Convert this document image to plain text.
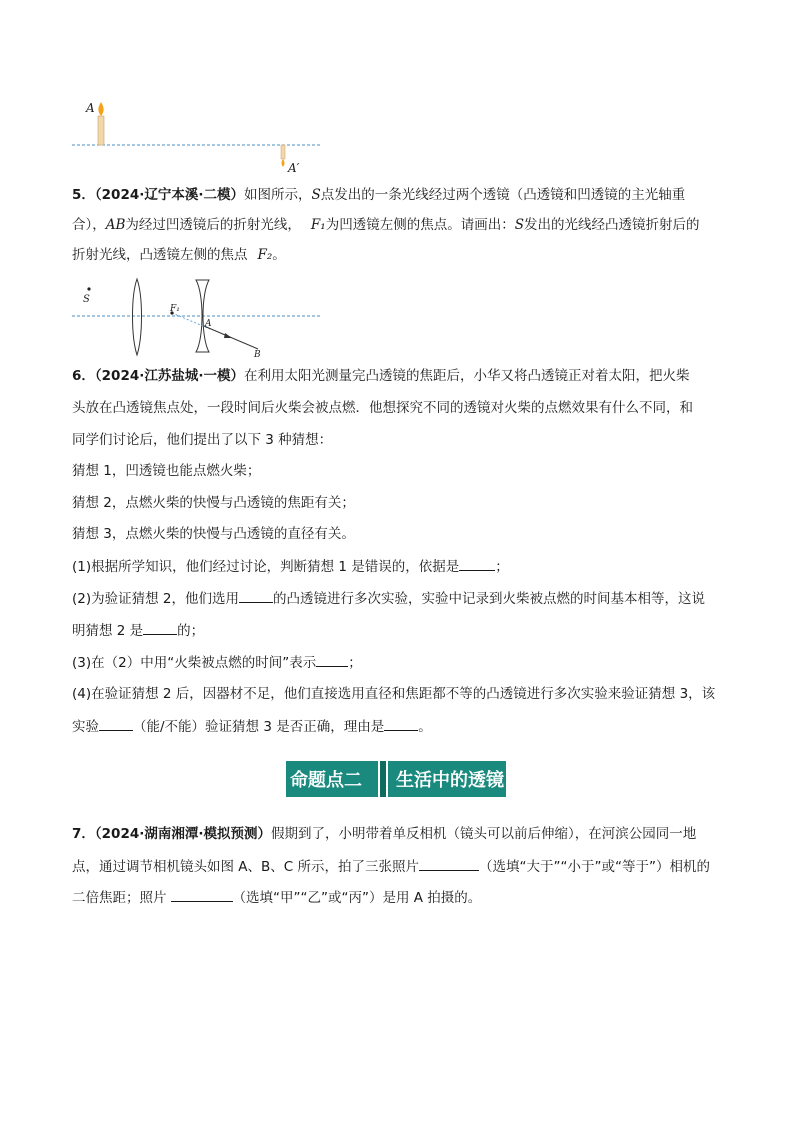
A
A′
5．（2024·辽宁本溪·二模）如图所示，S点发出的一条光线经过两个透镜（凸透镜和凹透镜的主光轴重
合），AB为经过凹透镜后的折射光线， F₁为凹透镜左侧的焦点。请画出：S发出的光线经凸透镜折射后的
折射光线，凸透镜左侧的焦点 F₂。
S
F₁
A
B
6．（2024·江苏盐城·一模）在利用太阳光测量完凸透镜的焦距后，小华又将凸透镜正对着太阳，把火柴
头放在凸透镜焦点处，一段时间后火柴会被点燃．他想探究不同的透镜对火柴的点燃效果有什么不同，和
同学们讨论后，他们提出了以下 3 种猜想：
猜想 1，凹透镜也能点燃火柴；
猜想 2，点燃火柴的快慢与凸透镜的焦距有关；
猜想 3，点燃火柴的快慢与凸透镜的直径有关。
(1)根据所学知识，他们经过讨论，判断猜想 1 是错误的，依据是	；
(2)为验证猜想 2，他们选用	的凸透镜进行多次实验，实验中记录到火柴被点燃的时间基本相等，这说
明猜想 2 是	的；
(3)在（2）中用“火柴被点燃的时间”表示 ；
(4)在验证猜想 2 后，因器材不足，他们直接选用直径和焦距都不等的凸透镜进行多次实验来验证猜想 3，该
实验	（能/不能）验证猜想 3 是否正确，理由是	。
命题点二	生活中的透镜
7．（2024·湖南湘潭·模拟预测）假期到了，小明带着单反相机（镜头可以前后伸缩），在河滨公园同一地
点，通过调节相机镜头如图 A、B、C 所示，拍了三张照片	（选填“大于”“小于”或“等于”）相机的
二倍焦距；照片	（选填“甲”“乙”或“丙”）是用 A 拍摄的。
